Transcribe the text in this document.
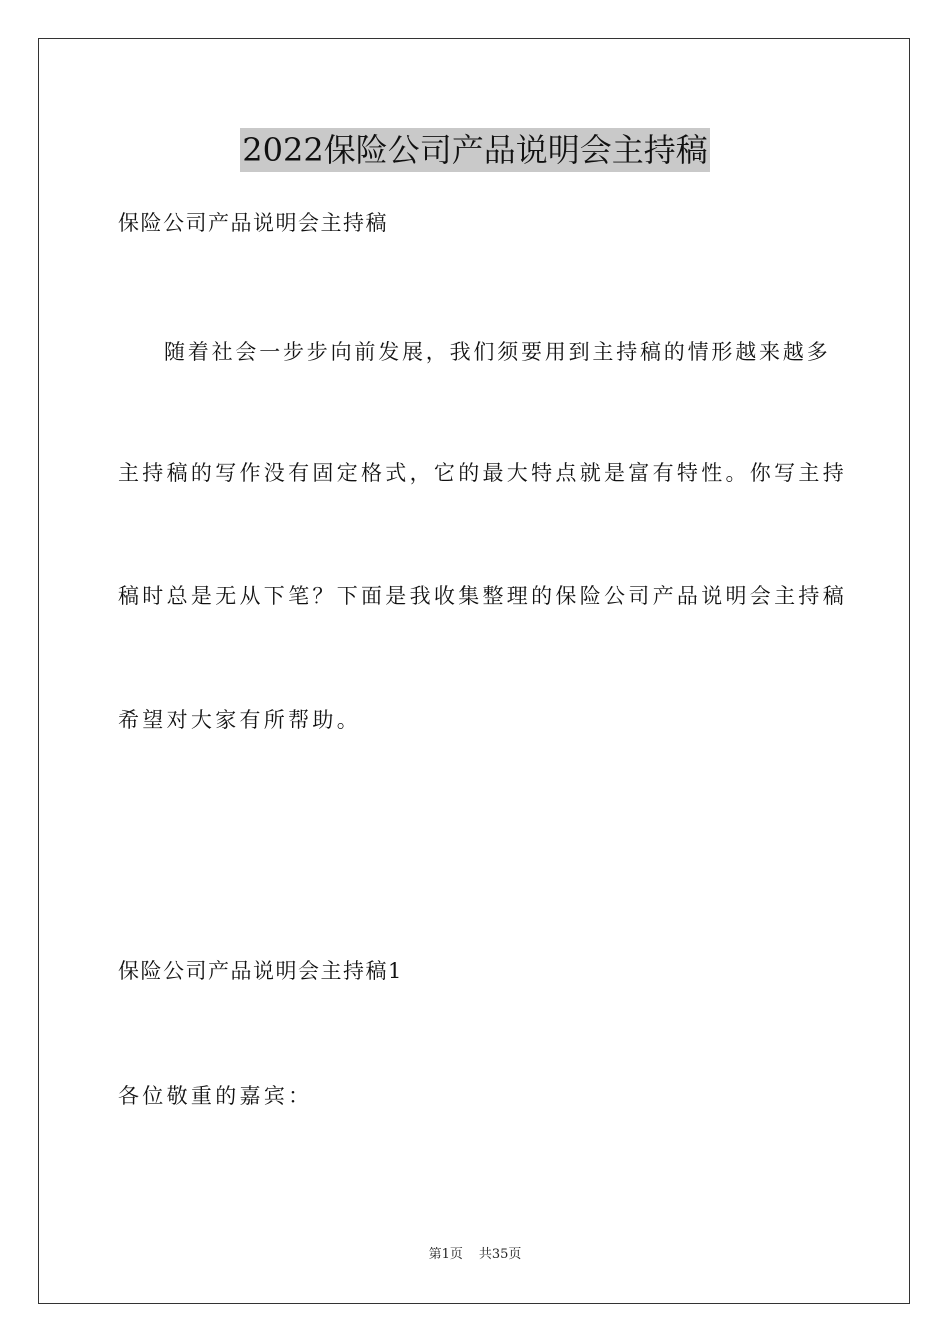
2022保险公司产品说明会主持稿
保险公司产品说明会主持稿
随着社会一步步向前发展，我们须要用到主持稿的情形越来越多
主持稿的写作没有固定格式，它的最大特点就是富有特性。你写主持
稿时总是无从下笔？下面是我收集整理的保险公司产品说明会主持稿
希望对大家有所帮助。
保险公司产品说明会主持稿1
各位敬重的嘉宾：
第1页 共35页
